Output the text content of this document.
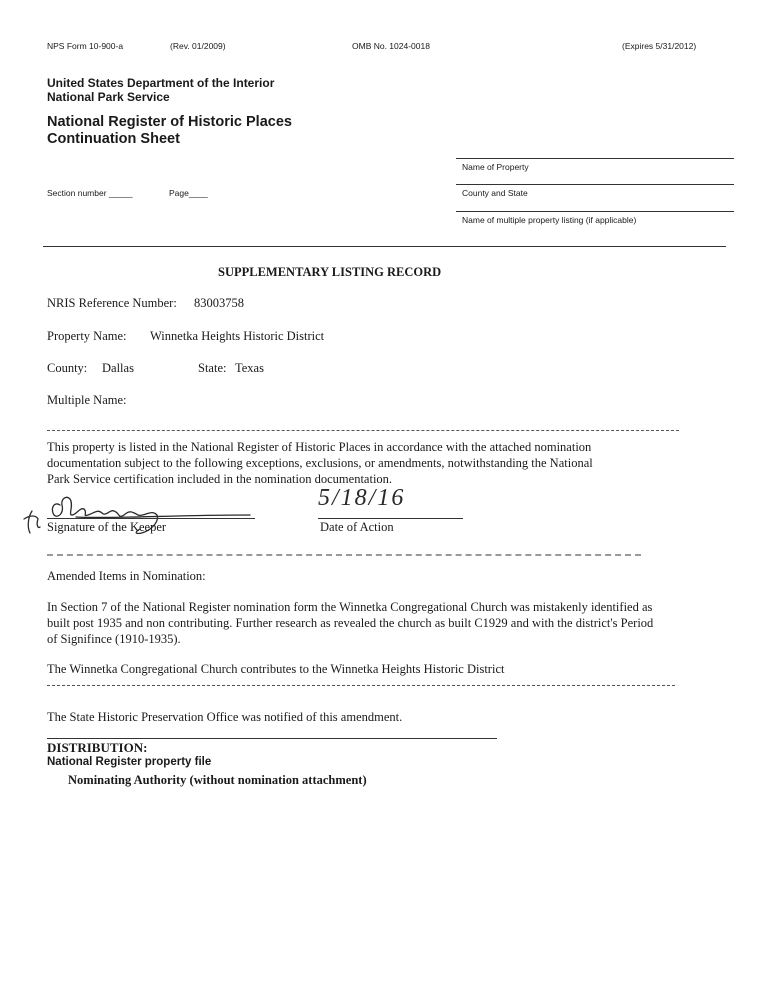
NPS Form 10-900-a	(Rev. 01/2009)	OMB No. 1024-0018	(Expires 5/31/2012)
United States Department of the Interior
National Park Service
National Register of Historic Places
Continuation Sheet
Name of Property
County and State
Name of multiple property listing (if applicable)
Section number _____	Page____
SUPPLEMENTARY LISTING RECORD
NRIS Reference Number: 83003758
Property Name: Winnetka Heights Historic District
County: Dallas	State: Texas
Multiple Name:
This property is listed in the National Register of Historic Places in accordance with the attached nomination
documentation subject to the following exceptions, exclusions, or amendments, notwithstanding the National
Park Service certification included in the nomination documentation.
Signature of the Keeper
5/18/16
Date of Action
Amended Items in Nomination:
In Section 7 of the National Register nomination form the Winnetka Congregational Church was mistakenly identified as
built post 1935 and non contributing. Further research as revealed the church as built C1929 and with the district's Period
of Signifince (1910-1935).
The Winnetka Congregational Church contributes to the Winnetka Heights Historic District
The State Historic Preservation Office was notified of this amendment.
DISTRIBUTION:
National Register property file
Nominating Authority (without nomination attachment)
